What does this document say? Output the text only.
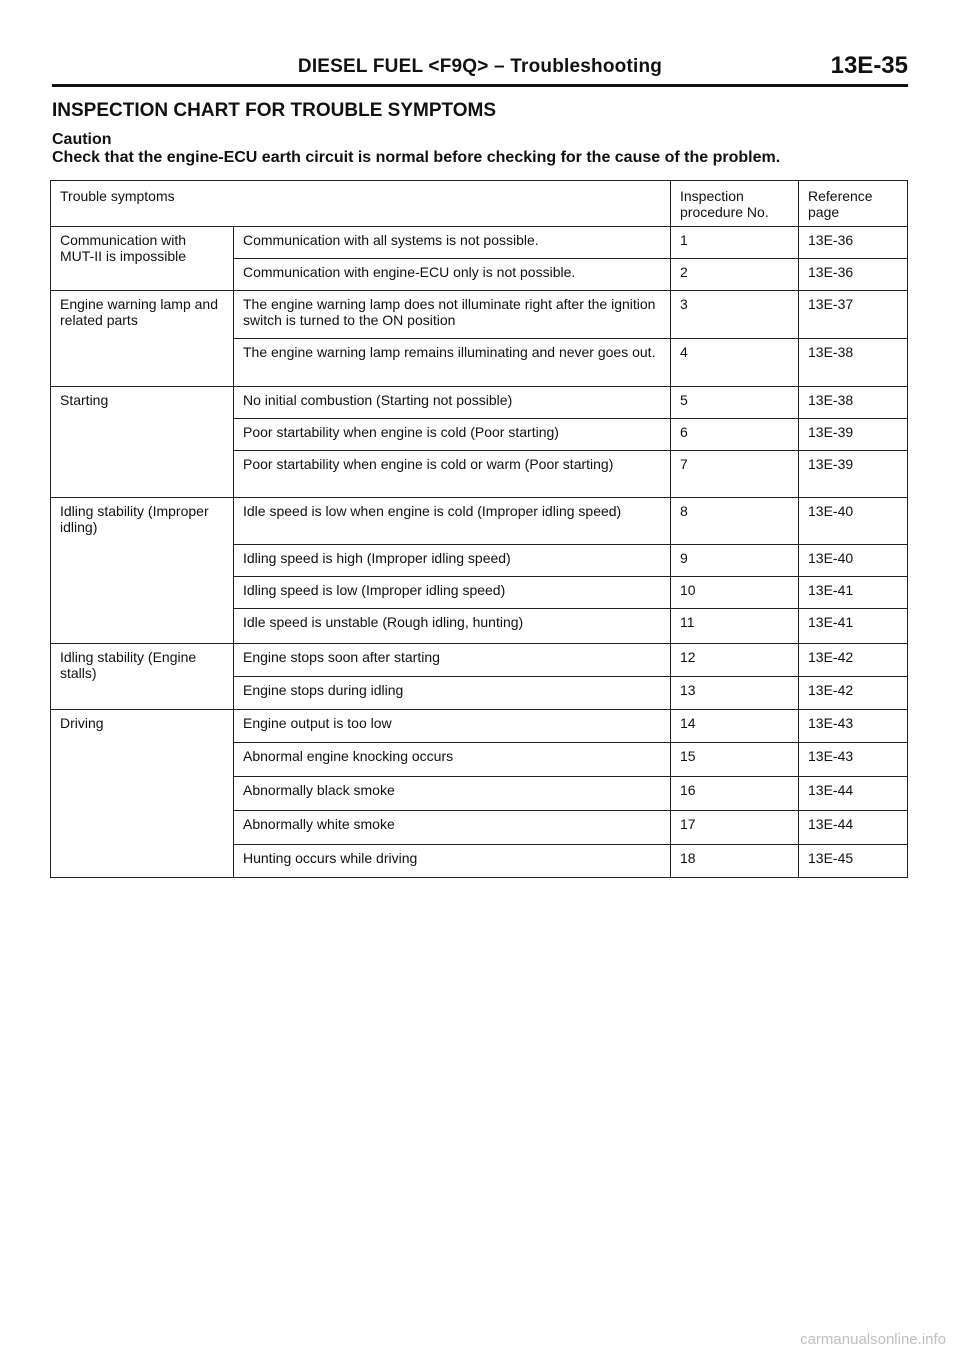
DIESEL FUEL <F9Q> – Troubleshooting	13E-35
INSPECTION CHART FOR TROUBLE SYMPTOMS
Caution
Check that the engine-ECU earth circuit is normal before checking for the cause of the problem.
Trouble symptoms		Inspection procedure No.	Reference page
Communication with MUT-II is impossible	Communication with all systems is not possible.	1	13E-36
	Communication with engine-ECU only is not possible.	2	13E-36
Engine warning lamp and related parts	The engine warning lamp does not illuminate right after the ignition switch is turned to the ON position	3	13E-37
	The engine warning lamp remains illuminating and never goes out.	4	13E-38
Starting	No initial combustion (Starting not possible)	5	13E-38
	Poor startability when engine is cold (Poor starting)	6	13E-39
	Poor startability when engine is cold or warm (Poor starting)	7	13E-39
Idling stability (Improper idling)	Idle speed is low when engine is cold (Improper idling speed)	8	13E-40
	Idling speed is high (Improper idling speed)	9	13E-40
	Idling speed is low (Improper idling speed)	10	13E-41
	Idle speed is unstable (Rough idling, hunting)	11	13E-41
Idling stability (Engine stalls)	Engine stops soon after starting	12	13E-42
	Engine stops during idling	13	13E-42
Driving	Engine output is too low	14	13E-43
	Abnormal engine knocking occurs	15	13E-43
	Abnormally black smoke	16	13E-44
	Abnormally white smoke	17	13E-44
	Hunting occurs while driving	18	13E-45
carmanualsonline.info
